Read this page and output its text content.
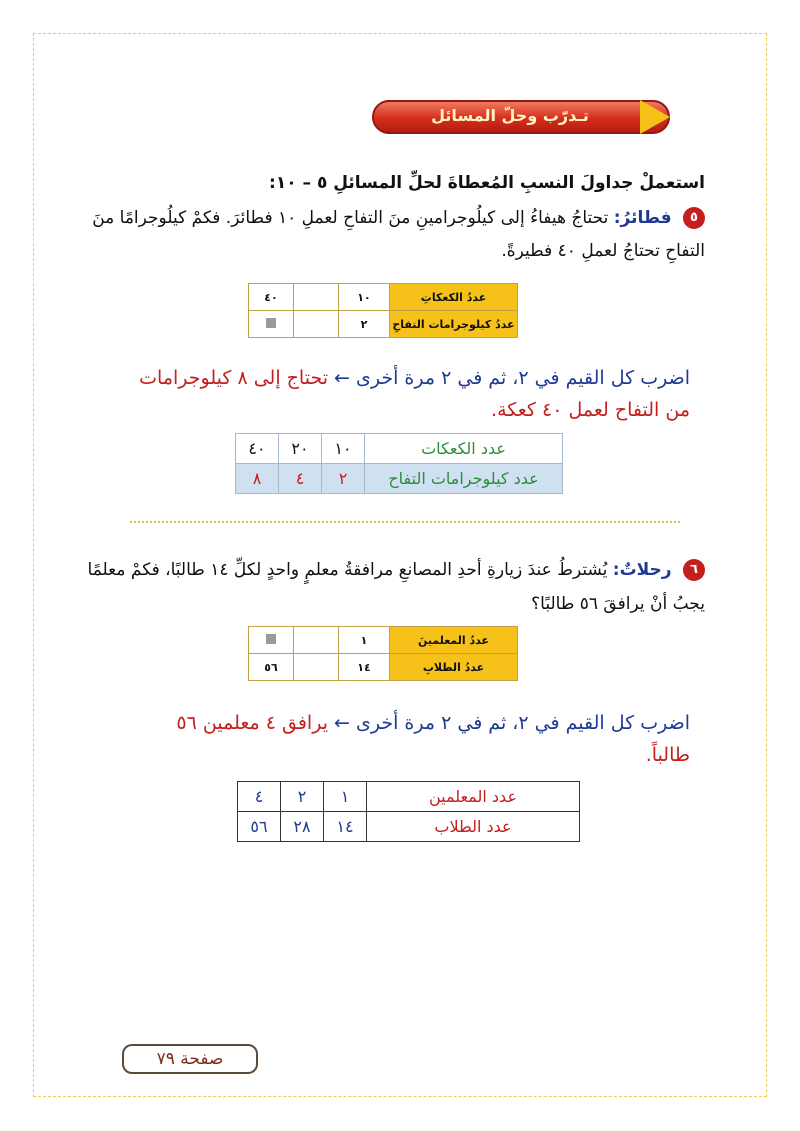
تـدرّب وحلّ المسائل
استعملْ جداولَ النسبِ المُعطاةَ لحلِّ المسائلِ ٥ – ١٠:
٥ فطائرُ: تحتاجُ هيفاءُ إلى كيلُوجرامينِ منَ التفاحِ لعملِ ١٠ فطائرَ. فكمْ كيلُوجرامًا منَ
التفاحِ تحتاجُ لعملِ ٤٠ فطيرةً.
عددُ الكعكاتِ	١٠		٤٠
عددُ كيلوجرامات التفاحِ	٢		
اضرب كل القيم في ٢، ثم في ٢ مرة أخرى ← تحتاج إلى ٨ كيلوجرامات
من التفاح لعمل ٤٠ كعكة.
عدد الكعكات	١٠	٢٠	٤٠
عدد كيلوجرامات التفاح	٢	٤	٨
٦ رحلاتٌ: يُشترطُ عندَ زيارةِ أحدِ المصانعِ مرافقةُ معلمٍ واحدٍ لكلِّ ١٤ طالبًا، فكمْ معلمًا
يجبُ أنْ يرافقَ ٥٦ طالبًا؟
عددُ المعلمينَ	١		
عددُ الطلابِ	١٤		٥٦
اضرب كل القيم في ٢، ثم في ٢ مرة أخرى ← يرافق ٤ معلمين ٥٦
طالباً.
عدد المعلمين	١	٢	٤
عدد الطلاب	١٤	٢٨	٥٦
صفحة ٧٩
